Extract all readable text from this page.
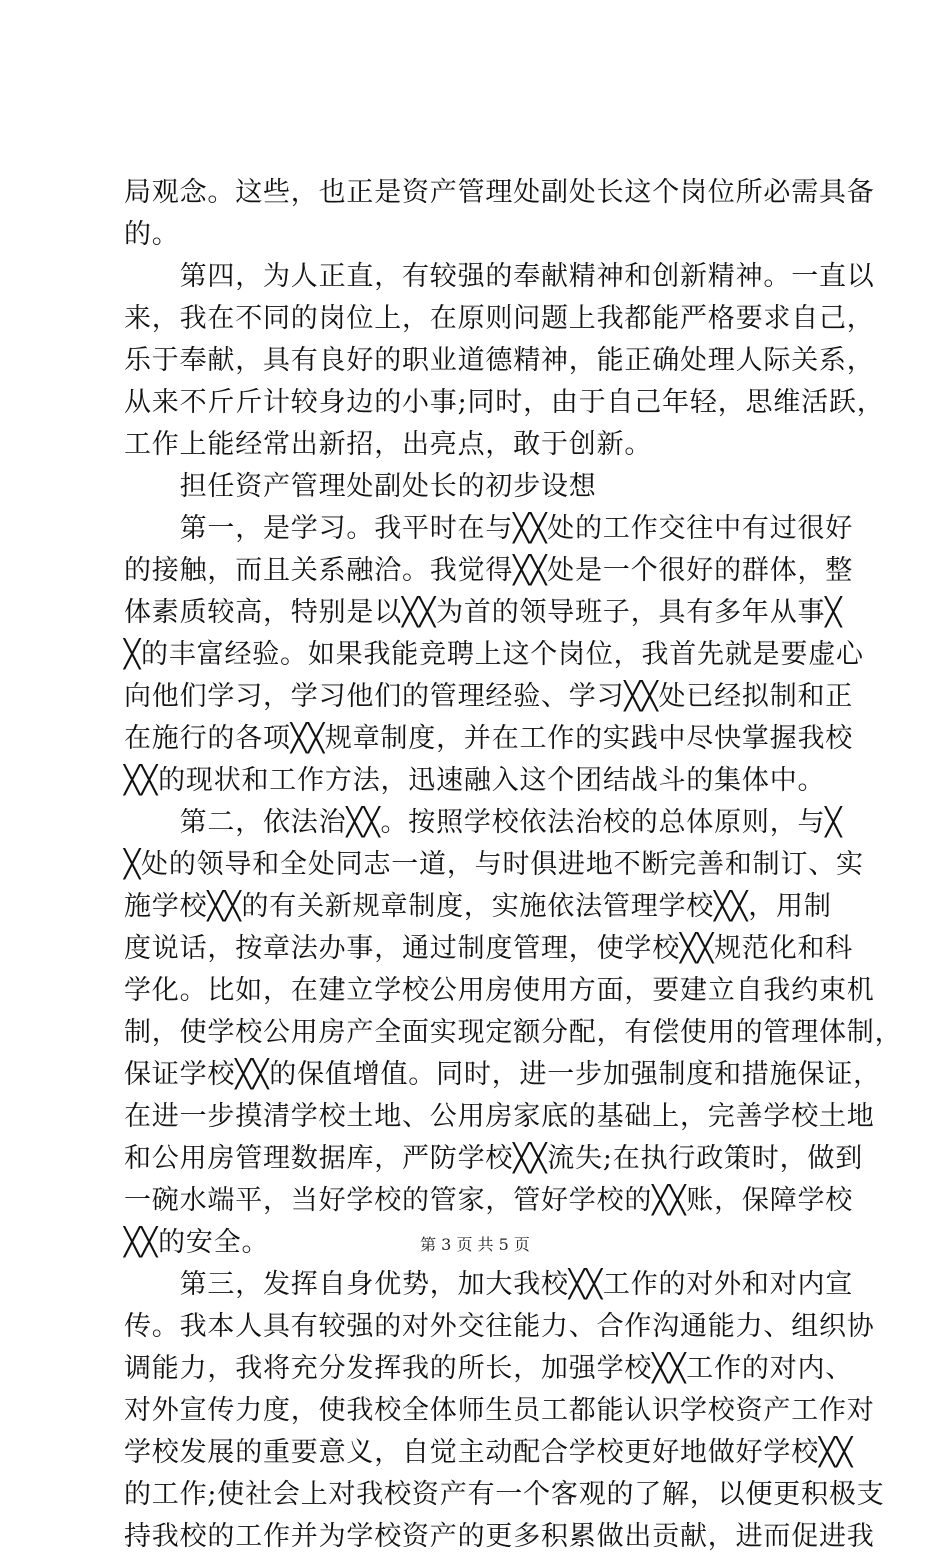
局观念。这些，也正是资产管理处副处长这个岗位所必需具备
的。
　　第四，为人正直，有较强的奉献精神和创新精神。一直以
来，我在不同的岗位上，在原则问题上我都能严格要求自己，
乐于奉献，具有良好的职业道德精神，能正确处理人际关系，
从来不斤斤计较身边的小事;同时，由于自己年轻，思维活跃，
工作上能经常出新招，出亮点，敢于创新。
　　担任资产管理处副处长的初步设想
　　第一，是学习。我平时在与╳╳处的工作交往中有过很好
的接触，而且关系融洽。我觉得╳╳处是一个很好的群体，整
体素质较高，特别是以╳╳为首的领导班子，具有多年从事╳
╳的丰富经验。如果我能竞聘上这个岗位，我首先就是要虚心
向他们学习，学习他们的管理经验、学习╳╳处已经拟制和正
在施行的各项╳╳规章制度，并在工作的实践中尽快掌握我校
╳╳的现状和工作方法，迅速融入这个团结战斗的集体中。
　　第二，依法治╳╳。按照学校依法治校的总体原则，与╳
╳处的领导和全处同志一道，与时俱进地不断完善和制订、实
施学校╳╳的有关新规章制度，实施依法管理学校╳╳，用制
度说话，按章法办事，通过制度管理，使学校╳╳规范化和科
学化。比如，在建立学校公用房使用方面，要建立自我约束机
制，使学校公用房产全面实现定额分配，有偿使用的管理体制，
保证学校╳╳的保值增值。同时，进一步加强制度和措施保证，
在进一步摸清学校土地、公用房家底的基础上，完善学校土地
和公用房管理数据库，严防学校╳╳流失;在执行政策时，做到
一碗水端平，当好学校的管家，管好学校的╳╳账，保障学校
╳╳的安全。
　　第三，发挥自身优势，加大我校╳╳工作的对外和对内宣
传。我本人具有较强的对外交往能力、合作沟通能力、组织协
调能力，我将充分发挥我的所长，加强学校╳╳工作的对内、
对外宣传力度，使我校全体师生员工都能认识学校资产工作对
学校发展的重要意义，自觉主动配合学校更好地做好学校╳╳
的工作;使社会上对我校资产有一个客观的了解，以便更积极支
持我校的工作并为学校资产的更多积累做出贡献，进而促进我
第 3 页 共 5 页
